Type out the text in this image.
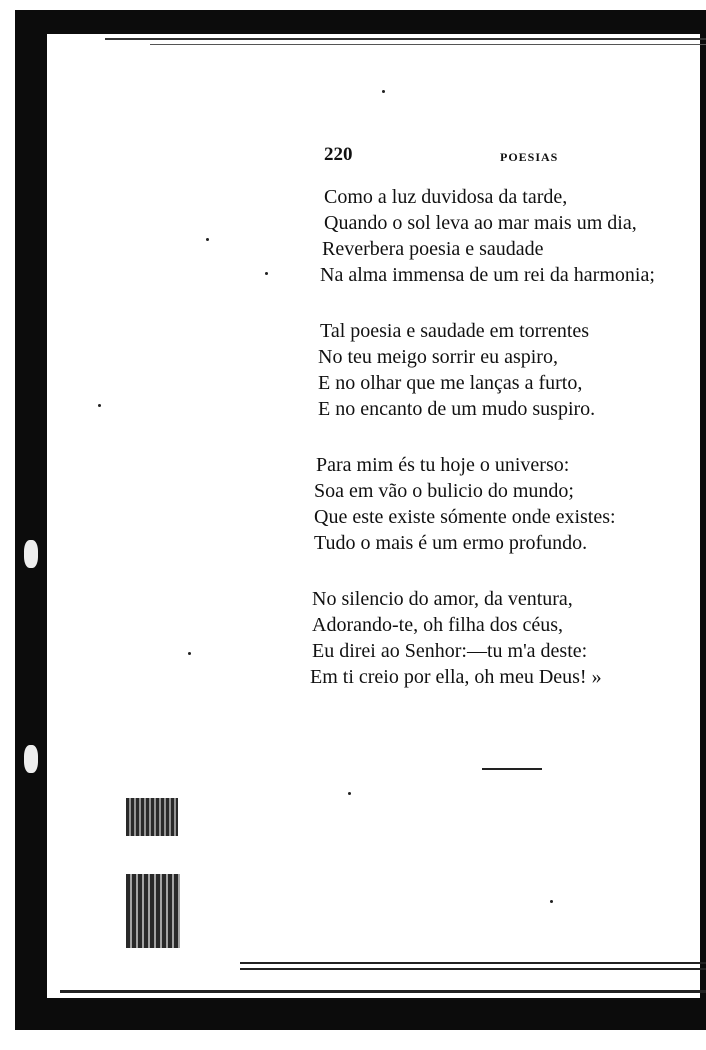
220	POESIAS
Como a luz duvidosa da tarde,
Quando o sol leva ao mar mais um dia,
Reverbera poesia e saudade
Na alma immensa de um rei da harmonia;
Tal poesia e saudade em torrentes
No teu meigo sorrir eu aspiro,
E no olhar que me lanças a furto,
E no encanto de um mudo suspiro.
Para mim és tu hoje o universo:
Soa em vão o bulicio do mundo;
Que este existe sómente onde existes:
Tudo o mais é um ermo profundo.
No silencio do amor, da ventura,
Adorando-te, oh filha dos céus,
Eu direi ao Senhor:—tu m'a deste:
Em ti creio por ella, oh meu Deus! »
